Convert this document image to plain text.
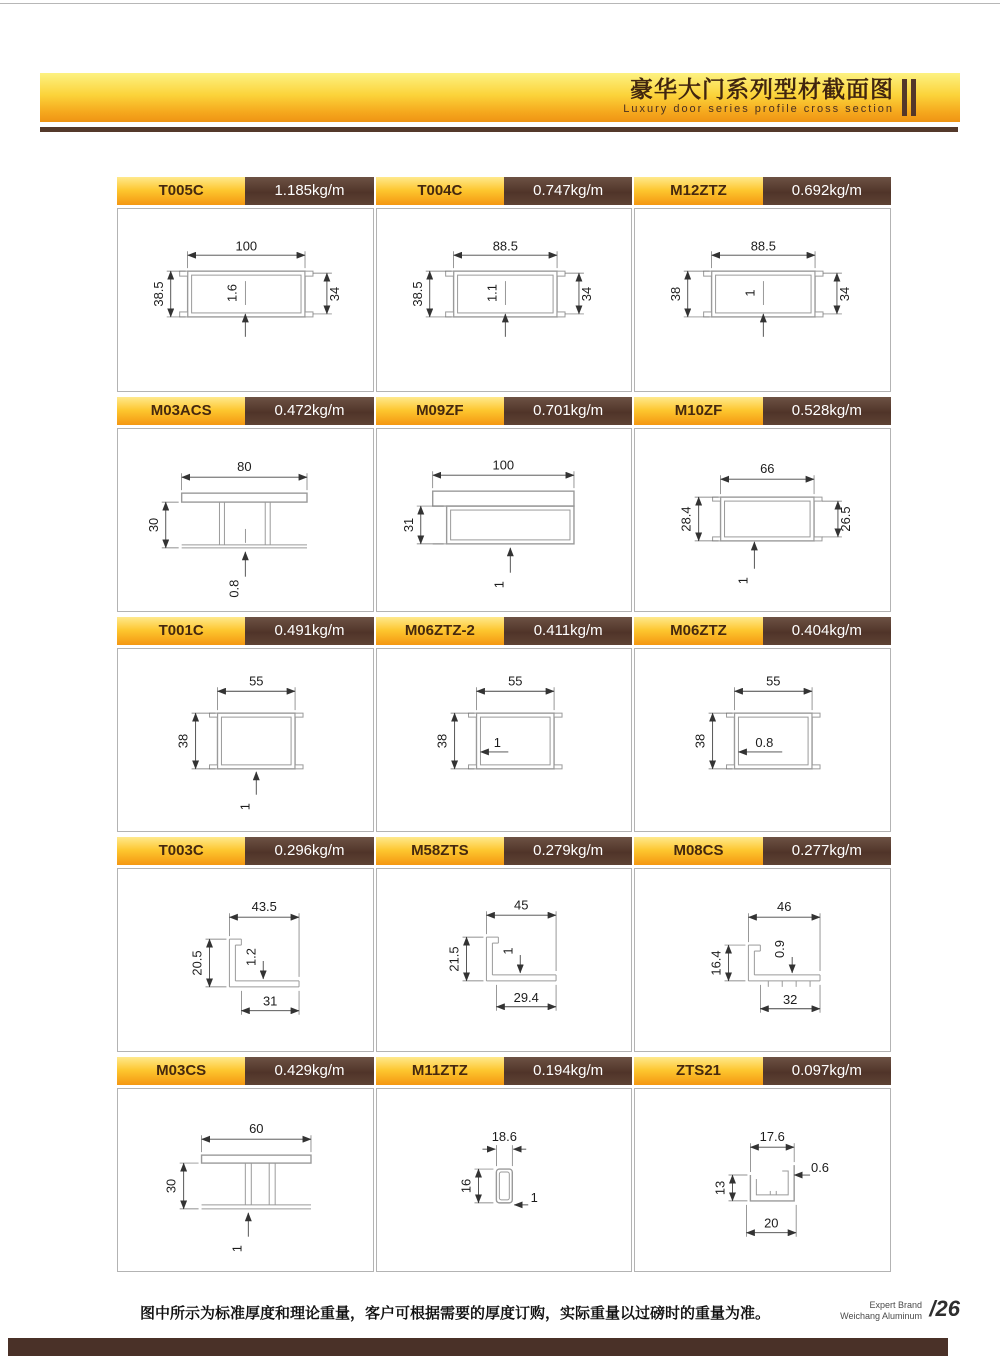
豪华大门系列型材截面图
Luxury door series profile cross section
T005C	1.185kg/m
100
38.5	34
1.6
T004C	0.747kg/m
88.5
38.5	34
1.1
M12ZTZ	0.692kg/m
88.5
38	34
1
M03ACS	0.472kg/m
80
30
0.8
M09ZF	0.701kg/m
100
31
1
M10ZF	0.528kg/m
66
28.4	26.5
1
T001C	0.491kg/m
55
38
1
M06ZTZ-2	0.411kg/m
55
38	1
M06ZTZ	0.404kg/m
55
38	0.8
T003C	0.296kg/m
43.5
20.5	1.2
31
M58ZTS	0.279kg/m
45
21.5	1
29.4
M08CS	0.277kg/m
46
16.4
0.9
32
M03CS	0.429kg/m
60
30
1
M11ZTZ	0.194kg/m
18.6
16
1
ZTS21	0.097kg/m
17.6
0.6
13
20
图中所示为标准厚度和理论重量，客户可根据需要的厚度订购，实际重量以过磅时的重量为准。	Expert Brand
Weichang Aluminum /26
